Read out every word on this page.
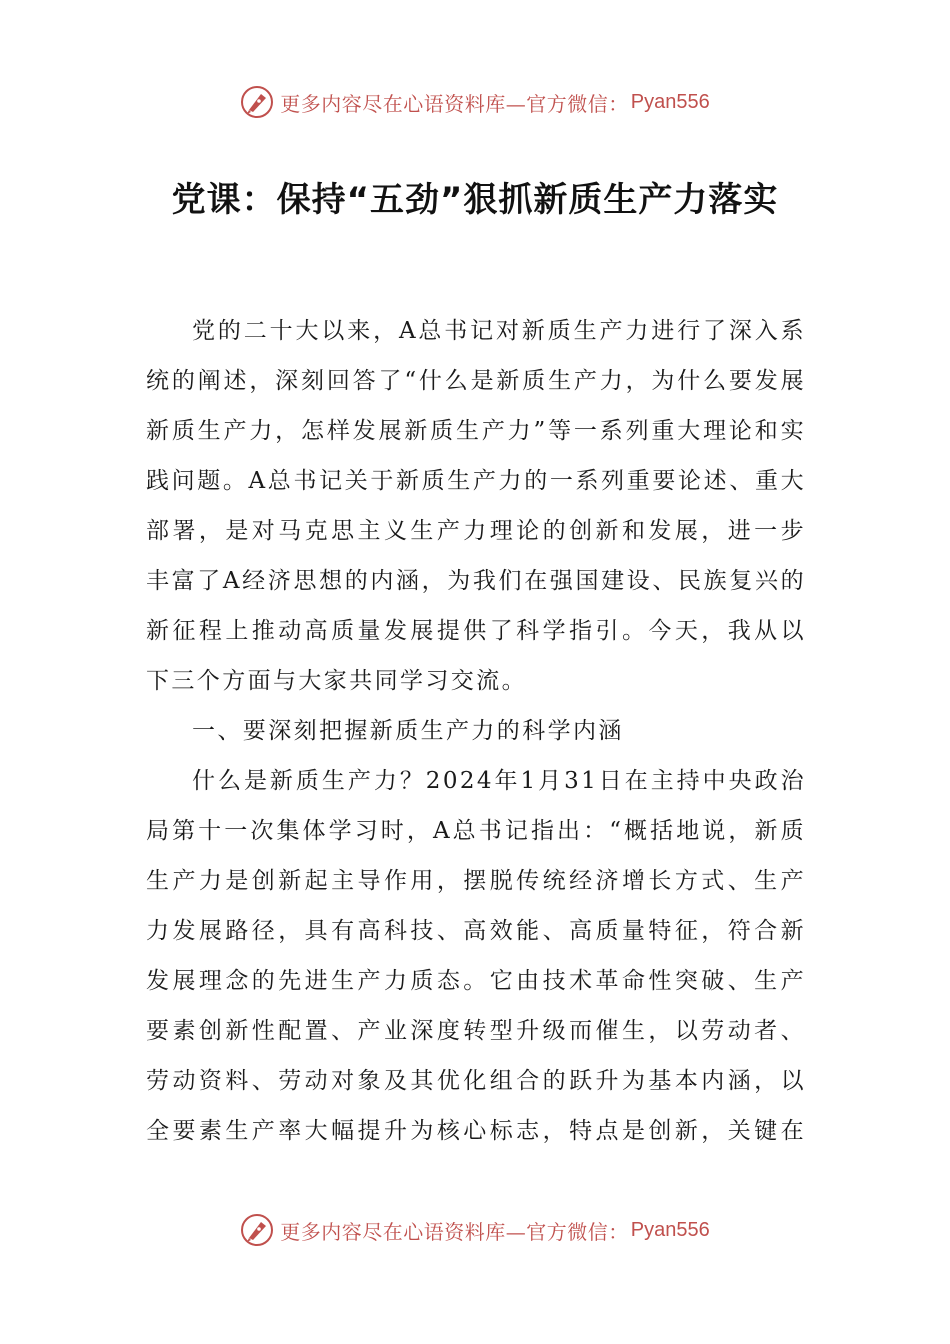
更多内容尽在心语资料库—官方微信： Pyan556
党课：保持“五劲”狠抓新质生产力落实

党的二十大以来，A总书记对新质生产力进行了深入系统的阐述，深刻回答了“什么是新质生产力，为什么要发展新质生产力，怎样发展新质生产力”等一系列重大理论和实践问题。A总书记关于新质生产力的一系列重要论述、重大部署，是对马克思主义生产力理论的创新和发展，进一步丰富了A经济思想的内涵，为我们在强国建设、民族复兴的新征程上推动高质量发展提供了科学指引。今天，我从以下三个方面与大家共同学习交流。

一、要深刻把握新质生产力的科学内涵

什么是新质生产力？2024年1月31日在主持中央政治局第十一次集体学习时，A总书记指出：“概括地说，新质生产力是创新起主导作用，摆脱传统经济增长方式、生产力发展路径，具有高科技、高效能、高质量特征，符合新发展理念的先进生产力质态。它由技术革命性突破、生产要素创新性配置、产业深度转型升级而催生，以劳动者、劳动资料、劳动对象及其优化组合的跃升为基本内涵，以全要素生产率大幅提升为核心标志，特点是创新，关键在

更多内容尽在心语资料库—官方微信： Pyan556
